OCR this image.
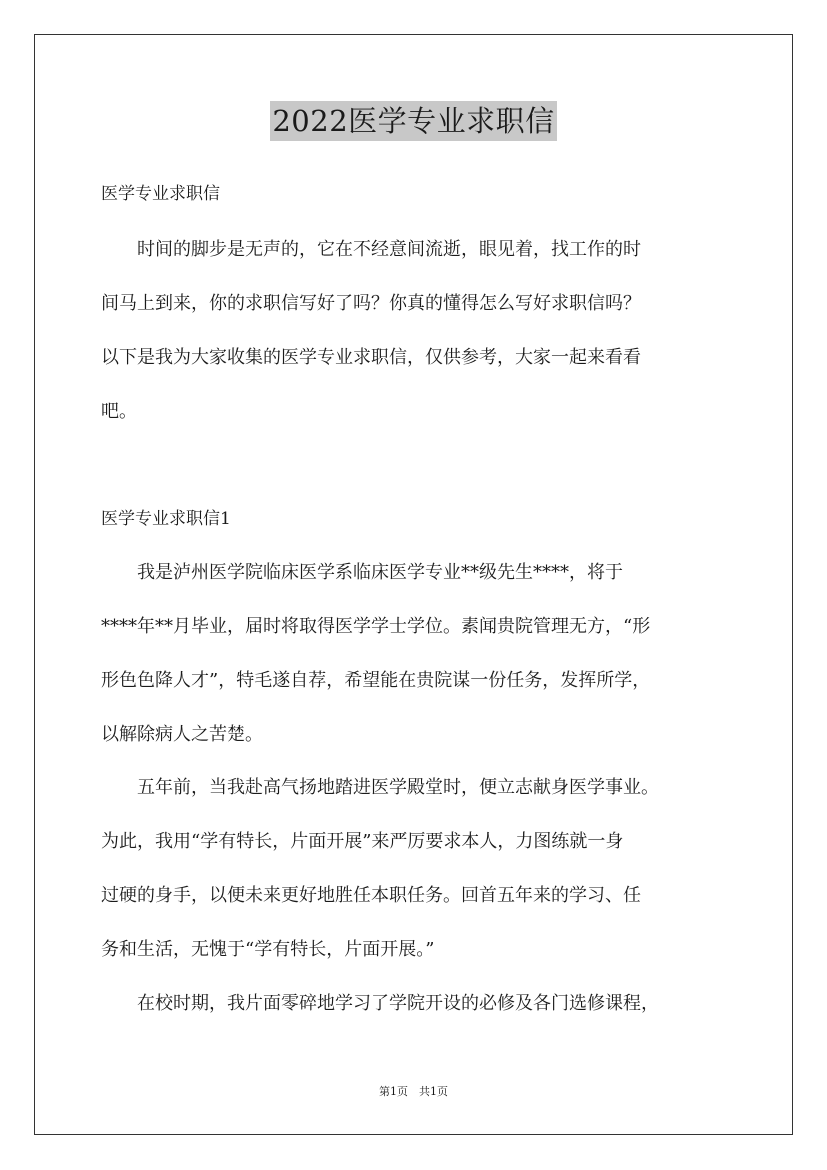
2022医学专业求职信
医学专业求职信
　　时间的脚步是无声的，它在不经意间流逝，眼见着，找工作的时
间马上到来，你的求职信写好了吗？你真的懂得怎么写好求职信吗？
以下是我为大家收集的医学专业求职信，仅供参考，大家一起来看看
吧。
医学专业求职信1
　　我是泸州医学院临床医学系临床医学专业**级先生****，将于
****年**月毕业，届时将取得医学学士学位。素闻贵院管理无方，“形
形色色降人才”，特毛遂自荐，希望能在贵院谋一份任务，发挥所学，
以解除病人之苦楚。
　　五年前，当我赴高气扬地踏进医学殿堂时，便立志献身医学事业。
为此，我用“学有特长，片面开展”来严厉要求本人，力图练就一身
过硬的身手，以便未来更好地胜任本职任务。回首五年来的学习、任
务和生活，无愧于“学有特长，片面开展。”
　　在校时期，我片面零碎地学习了学院开设的必修及各门选修课程，
第1页　共1页
